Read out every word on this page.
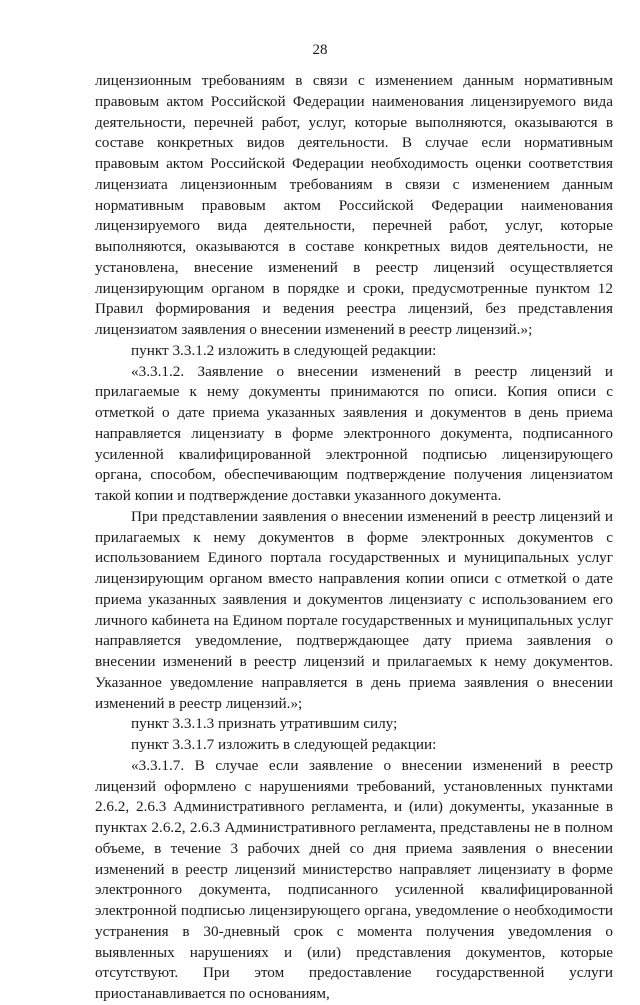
28

лицензионным требованиям в связи с изменением данным нормативным правовым актом Российской Федерации наименования лицензируемого вида деятельности, перечней работ, услуг, которые выполняются, оказываются в составе конкретных видов деятельности. В случае если нормативным правовым актом Российской Федерации необходимость оценки соответствия лицензиата лицензионным требованиям в связи с изменением данным нормативным правовым актом Российской Федерации наименования лицензируемого вида деятельности, перечней работ, услуг, которые выполняются, оказываются в составе конкретных видов деятельности, не установлена, внесение изменений в реестр лицензий осуществляется лицензирующим органом в порядке и сроки, предусмотренные пунктом 12 Правил формирования и ведения реестра лицензий, без представления лицензиатом заявления о внесении изменений в реестр лицензий.»;

пункт 3.3.1.2 изложить в следующей редакции:

«3.3.1.2. Заявление о внесении изменений в реестр лицензий и прилагаемые к нему документы принимаются по описи. Копия описи с отметкой о дате приема указанных заявления и документов в день приема направляется лицензиату в форме электронного документа, подписанного усиленной квалифицированной электронной подписью лицензирующего органа, способом, обеспечивающим подтверждение получения лицензиатом такой копии и подтверждение доставки указанного документа.

При представлении заявления о внесении изменений в реестр лицензий и прилагаемых к нему документов в форме электронных документов с использованием Единого портала государственных и муниципальных услуг лицензирующим органом вместо направления копии описи с отметкой о дате приема указанных заявления и документов лицензиату с использованием его личного кабинета на Едином портале государственных и муниципальных услуг направляется уведомление, подтверждающее дату приема заявления о внесении изменений в реестр лицензий и прилагаемых к нему документов. Указанное уведомление направляется в день приема заявления о внесении изменений в реестр лицензий.»;

пункт 3.3.1.3 признать утратившим силу;

пункт 3.3.1.7 изложить в следующей редакции:

«3.3.1.7. В случае если заявление о внесении изменений в реестр лицензий оформлено с нарушениями требований, установленных пунктами 2.6.2, 2.6.3 Административного регламента, и (или) документы, указанные в пунктах 2.6.2, 2.6.3 Административного регламента, представлены не в полном объеме, в течение 3 рабочих дней со дня приема заявления о внесении изменений в реестр лицензий министерство направляет лицензиату в форме электронного документа, подписанного усиленной квалифицированной электронной подписью лицензирующего органа, уведомление о необходимости устранения в 30-дневный срок с момента получения уведомления о выявленных нарушениях и (или) представления документов, которые отсутствуют. При этом предоставление государственной услуги приостанавливается по основаниям,
